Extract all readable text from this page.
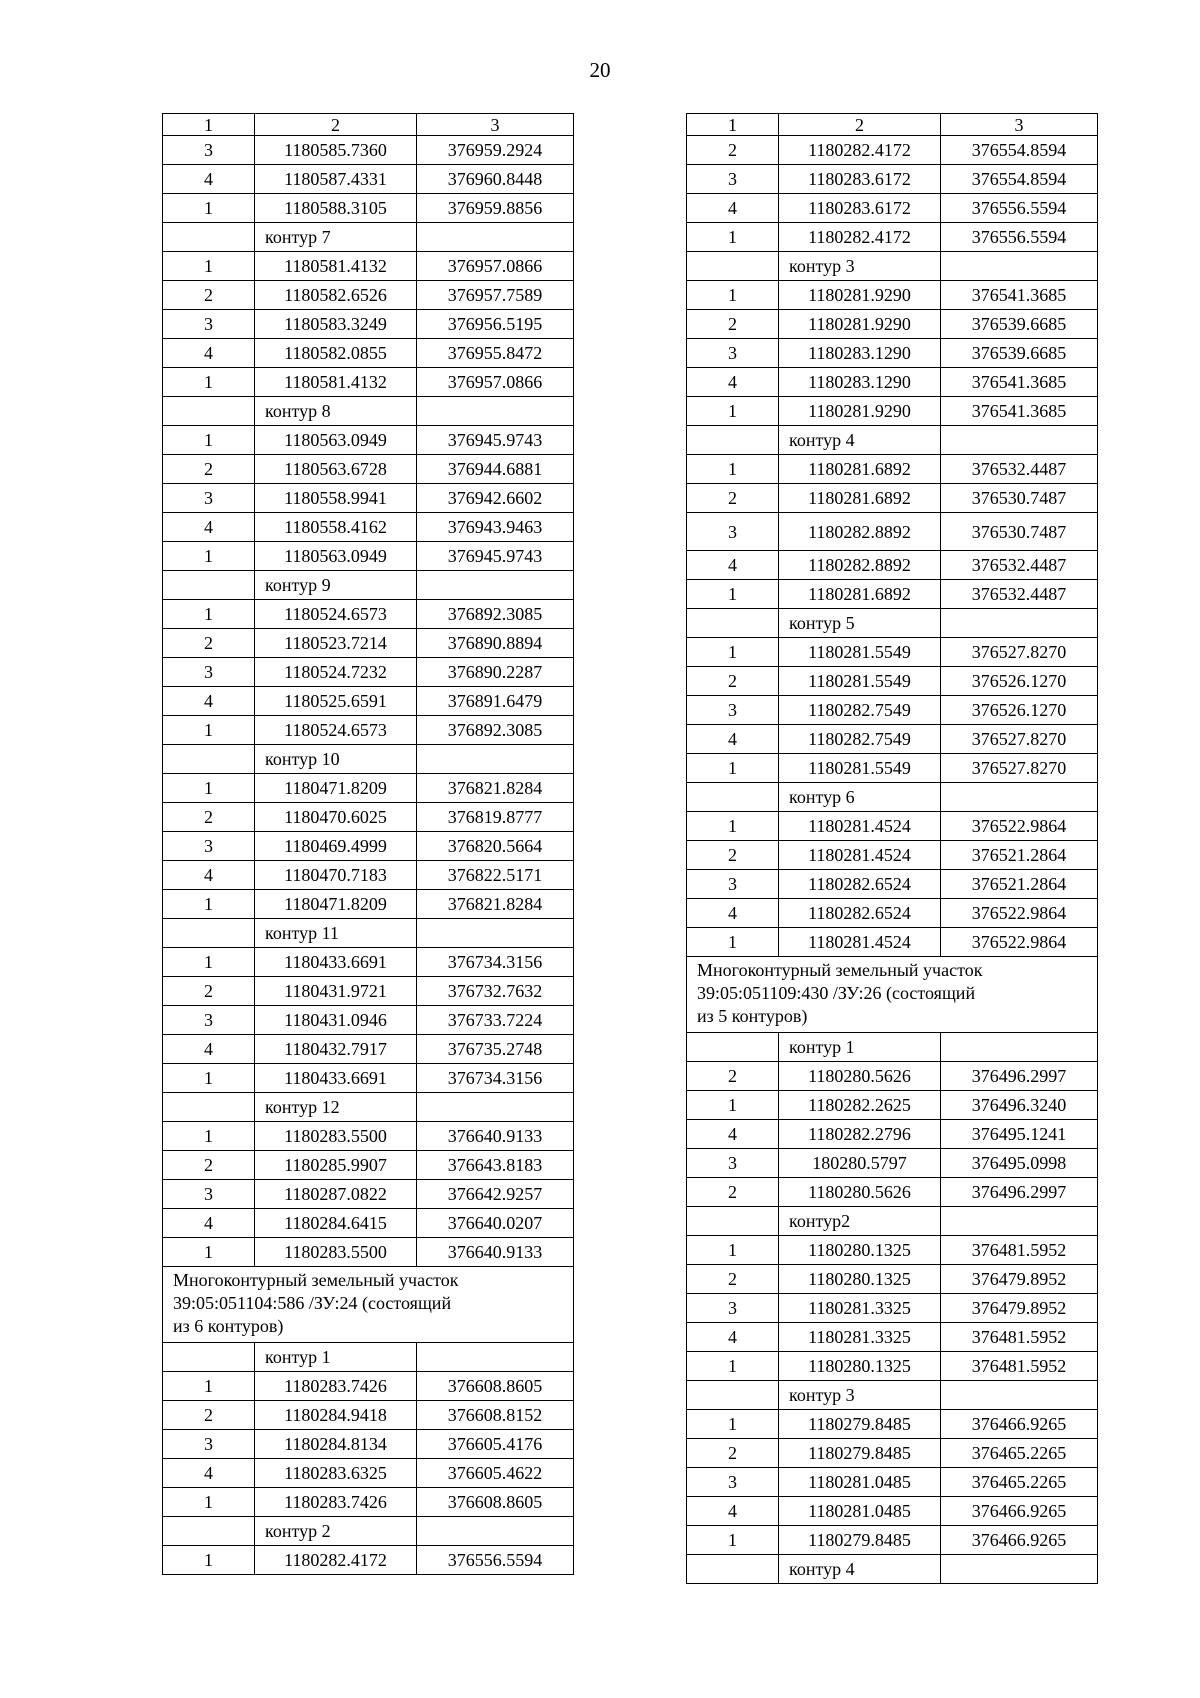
20
1	2	3
3	1180585.7360	376959.2924
4	1180587.4331	376960.8448
1	1180588.3105	376959.8856
	контур 7	
1	1180581.4132	376957.0866
2	1180582.6526	376957.7589
3	1180583.3249	376956.5195
4	1180582.0855	376955.8472
1	1180581.4132	376957.0866
	контур 8	
1	1180563.0949	376945.9743
2	1180563.6728	376944.6881
3	1180558.9941	376942.6602
4	1180558.4162	376943.9463
1	1180563.0949	376945.9743
	контур 9	
1	1180524.6573	376892.3085
2	1180523.7214	376890.8894
3	1180524.7232	376890.2287
4	1180525.6591	376891.6479
1	1180524.6573	376892.3085
	контур 10	
1	1180471.8209	376821.8284
2	1180470.6025	376819.8777
3	1180469.4999	376820.5664
4	1180470.7183	376822.5171
1	1180471.8209	376821.8284
	контур 11	
1	1180433.6691	376734.3156
2	1180431.9721	376732.7632
3	1180431.0946	376733.7224
4	1180432.7917	376735.2748
1	1180433.6691	376734.3156
	контур 12	
1	1180283.5500	376640.9133
2	1180285.9907	376643.8183
3	1180287.0822	376642.9257
4	1180284.6415	376640.0207
1	1180283.5500	376640.9133

Многоконтурный земельный участок
39:05:051104:586 /ЗУ:24 (состоящий
из 6 контуров)		

	контур 1	
1	1180283.7426	376608.8605
2	1180284.9418	376608.8152
3	1180284.8134	376605.4176
4	1180283.6325	376605.4622
1	1180283.7426	376608.8605
	контур 2	
1	1180282.4172	376556.5594
1	2	3
2	1180282.4172	376554.8594
3	1180283.6172	376554.8594
4	1180283.6172	376556.5594
1	1180282.4172	376556.5594
	контур 3	
1	1180281.9290	376541.3685
2	1180281.9290	376539.6685
3	1180283.1290	376539.6685
4	1180283.1290	376541.3685
1	1180281.9290	376541.3685
	контур 4	
1	1180281.6892	376532.4487
2	1180281.6892	376530.7487
3	1180282.8892	376530.7487
4	1180282.8892	376532.4487
1	1180281.6892	376532.4487
	контур 5	
1	1180281.5549	376527.8270
2	1180281.5549	376526.1270
3	1180282.7549	376526.1270
4	1180282.7549	376527.8270
1	1180281.5549	376527.8270
	контур 6	
1	1180281.4524	376522.9864
2	1180281.4524	376521.2864
3	1180282.6524	376521.2864
4	1180282.6524	376522.9864
1	1180281.4524	376522.9864

Многоконтурный земельный участок
39:05:051109:430 /ЗУ:26 (состоящий
из 5 контуров)		

	контур 1	
2	1180280.5626	376496.2997
1	1180282.2625	376496.3240
4	1180282.2796	376495.1241
3	180280.5797	376495.0998
2	1180280.5626	376496.2997
	контур2	
1	1180280.1325	376481.5952
2	1180280.1325	376479.8952
3	1180281.3325	376479.8952
4	1180281.3325	376481.5952
1	1180280.1325	376481.5952
	контур 3	
1	1180279.8485	376466.9265
2	1180279.8485	376465.2265
3	1180281.0485	376465.2265
4	1180281.0485	376466.9265
1	1180279.8485	376466.9265
	контур 4	
